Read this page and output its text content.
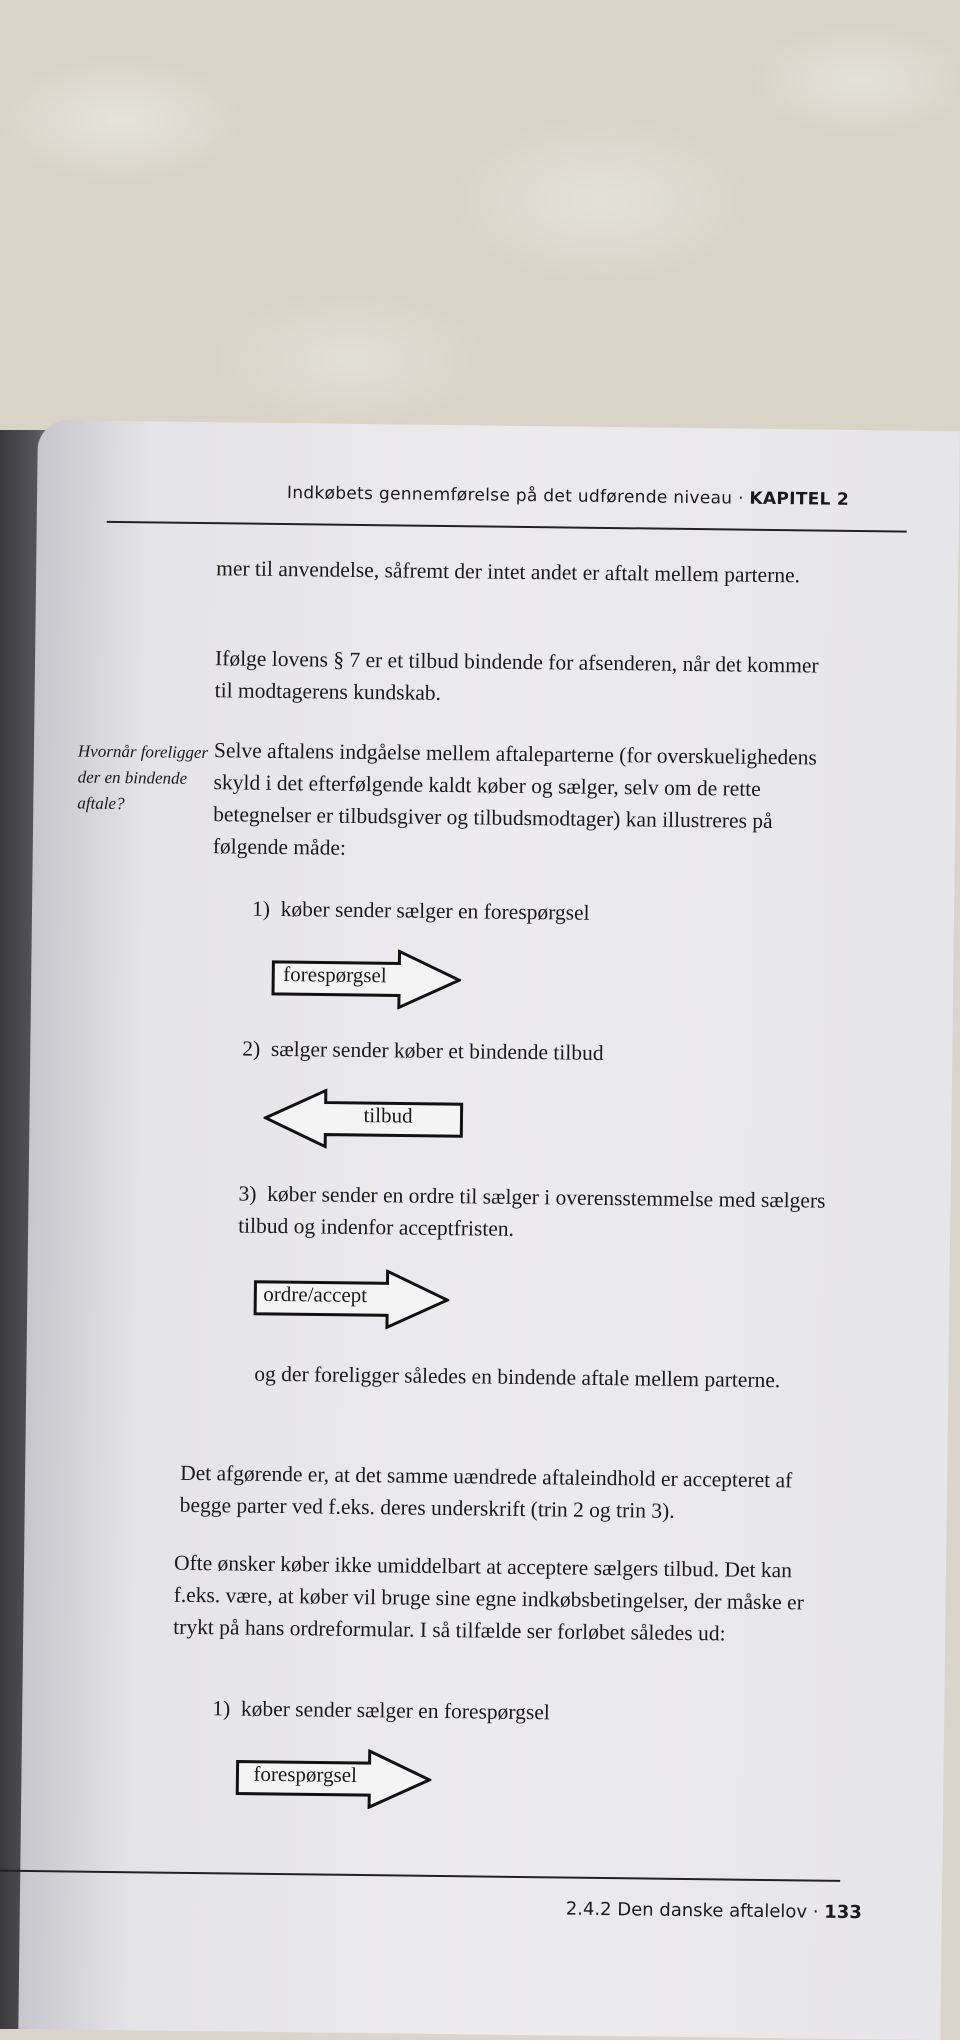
Indkøbets gennemførelse på det udførende niveau · KAPITEL 2
mer til anvendelse, såfremt der intet andet er aftalt mellem parterne.
Ifølge lovens § 7 er et tilbud bindende for afsenderen, når det kommer til modtagerens kundskab.
Hvornår foreligger der en bindende aftale?
Selve aftalens indgåelse mellem aftaleparterne (for overskuelighedens skyld i det efterfølgende kaldt køber og sælger, selv om de rette betegnelser er tilbudsgiver og tilbudsmodtager) kan illustreres på følgende måde:
1) køber sender sælger en forespørgsel
forespørgsel
2) sælger sender køber et bindende tilbud
tilbud
3) køber sender en ordre til sælger i overensstemmelse med sælgers tilbud og indenfor acceptfristen.
ordre/accept
og der foreligger således en bindende aftale mellem parterne.
Det afgørende er, at det samme uændrede aftaleindhold er accepteret af begge parter ved f.eks. deres underskrift (trin 2 og trin 3).
Ofte ønsker køber ikke umiddelbart at acceptere sælgers tilbud. Det kan f.eks. være, at køber vil bruge sine egne indkøbsbetingelser, der måske er trykt på hans ordreformular. I så tilfælde ser forløbet således ud:
1) køber sender sælger en forespørgsel
forespørgsel
2.4.2 Den danske aftalelov · 133
